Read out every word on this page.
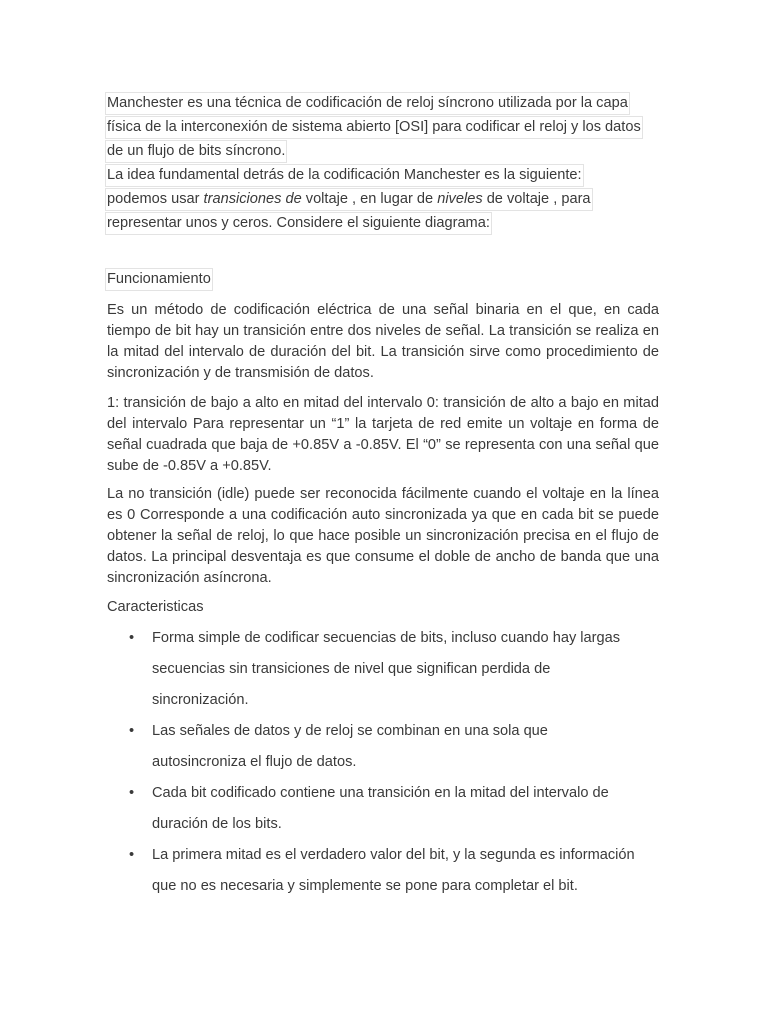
Manchester es una técnica de codificación de reloj síncrono utilizada por la capa
física de la interconexión de sistema abierto [OSI] para codificar el reloj y los datos
de un flujo de bits síncrono.
La idea fundamental detrás de la codificación Manchester es la siguiente:
podemos usar transiciones de voltaje , en lugar de niveles de voltaje , para
representar unos y ceros. Considere el siguiente diagrama:
Funcionamiento

Es un método de codificación eléctrica de una señal binaria en el que, en cada tiempo de bit hay un transición entre dos niveles de señal. La transición se realiza en la mitad del intervalo de duración del bit. La transición sirve como procedimiento de sincronización y de transmisión de datos.

1: transición de bajo a alto en mitad del intervalo 0: transición de alto a bajo en mitad del intervalo Para representar un “1” la tarjeta de red emite un voltaje en forma de señal cuadrada que baja de +0.85V a -0.85V. El “0” se representa con una señal que sube de -0.85V a +0.85V.

La no transición (idle) puede ser reconocida fácilmente cuando el voltaje en la línea es 0 Corresponde a una codificación auto sincronizada ya que en cada bit se puede obtener la señal de reloj, lo que hace posible un sincronización precisa en el flujo de datos. La principal desventaja es que consume el doble de ancho de banda que una sincronización asíncrona.

Caracteristicas

• Forma simple de codificar secuencias de bits, incluso cuando hay largas
secuencias sin transiciones de nivel que significan perdida de
sincronización.
• Las señales de datos y de reloj se combinan en una sola que
autosincroniza el flujo de datos.
• Cada bit codificado contiene una transición en la mitad del intervalo de
duración de los bits.
• La primera mitad es el verdadero valor del bit, y la segunda es información
que no es necesaria y simplemente se pone para completar el bit.
